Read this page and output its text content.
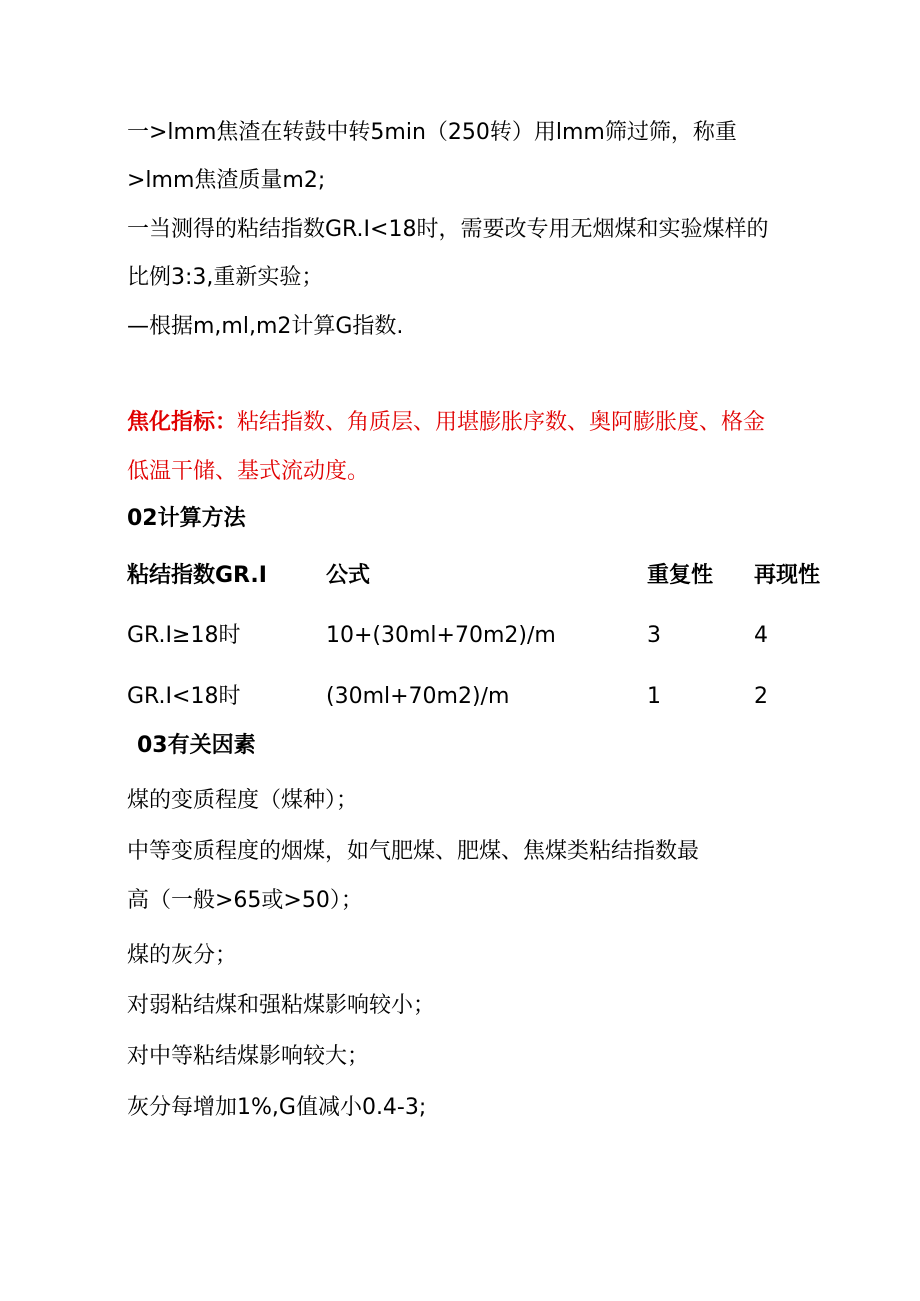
一>lmm焦渣在转鼓中转5min（250转）用lmm筛过筛，称重
>lmm焦渣质量m2;
一当测得的粘结指数GR.I<18时，需要改专用无烟煤和实验煤样的
比例3:3,重新实验；
—根据m,ml,m2计算G指数.
焦化指标：粘结指数、角质层、用堪膨胀序数、奥阿膨胀度、格金
低温干储、基式流动度。
02计算方法
粘结指数GR.I	公式	重复性 再现性
GR.I≥18时	10+(30ml+70m2)∕m	3	4
GR.I<18时	(30ml+70m2)∕m	1	2
03有关因素
煤的变质程度（煤种）；
中等变质程度的烟煤，如气肥煤、肥煤、焦煤类粘结指数最
高（一般>65或>50）；
煤的灰分；
对弱粘结煤和强粘煤影响较小；
对中等粘结煤影响较大；
灰分每增加1%,G值减小0.4-3;
